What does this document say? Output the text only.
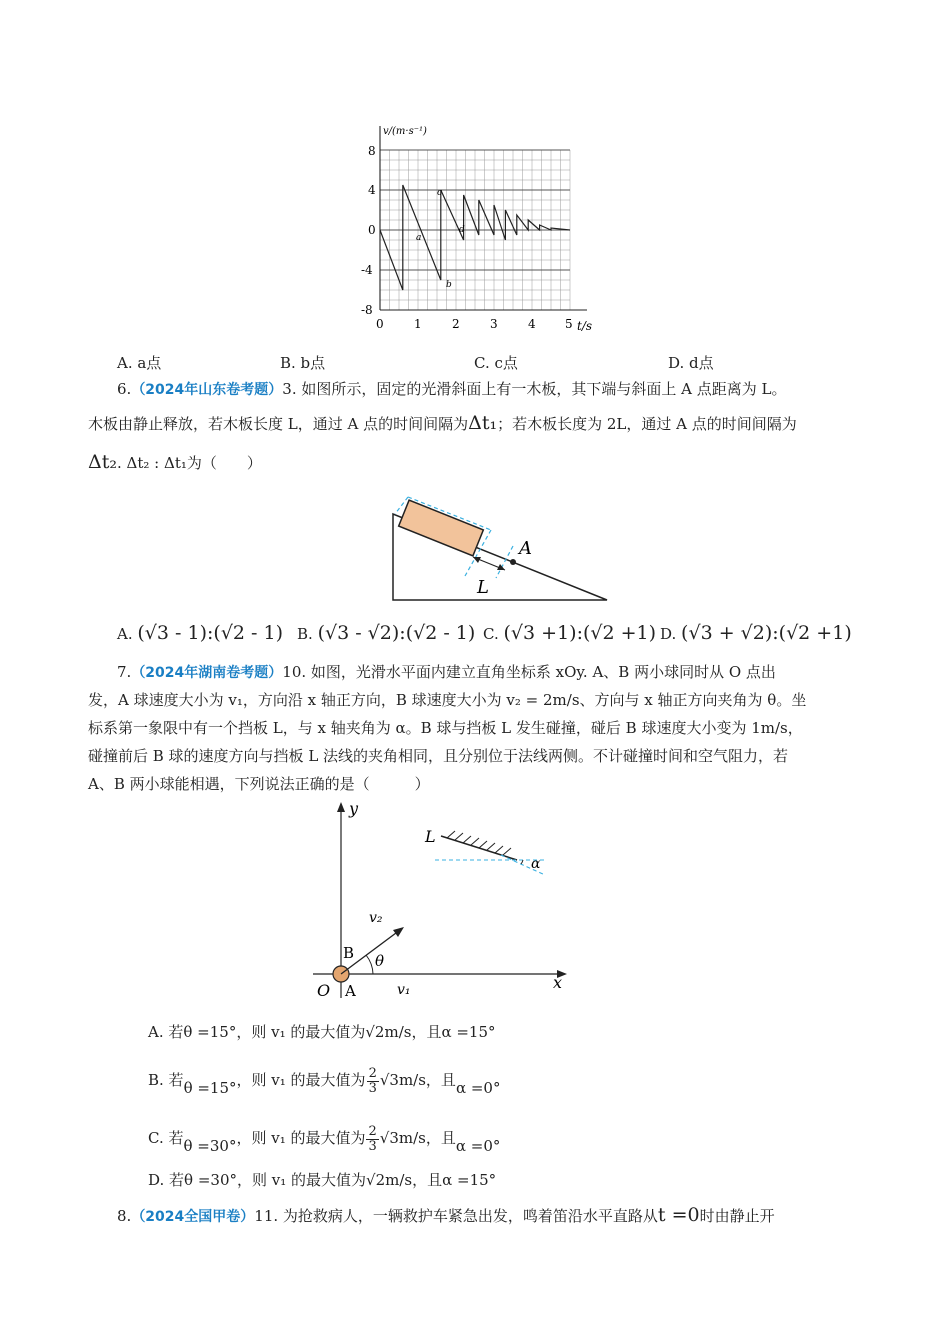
v/(m·s⁻¹)
t/s
0	1	2	3	4 5
8
4
0
-4
-8
a
b
c
d
A. a点	B. b点	C. c点	D. d点
6.（2024年山东卷考题）3. 如图所示，固定的光滑斜面上有一木板，其下端与斜面上 A 点距离为 L。
木板由静止释放，若木板长度 L，通过 A 点的时间间隔为Δt₁；若木板长度为 2L，通过 A 点的时间间隔为
Δt₂. Δt₂ : Δt₁为（　　）
A
L
A. (√3 - 1):(√2 - 1) B. (√3 - √2):(√2 - 1) C. (√3 +1):(√2 +1) D. (√3 + √2):(√2 +1)
7.（2024年湖南卷考题）10. 如图，光滑水平面内建立直角坐标系 xOy. A、B 两小球同时从 O 点出
发，A 球速度大小为 v₁，方向沿 x 轴正方向，B 球速度大小为 v₂ = 2m/s、方向与 x 轴正方向夹角为 θ。坐
标系第一象限中有一个挡板 L，与 x 轴夹角为 α。B 球与挡板 L 发生碰撞，碰后 B 球速度大小变为 1m/s，
碰撞前后 B 球的速度方向与挡板 L 法线的夹角相同，且分别位于法线两侧。不计碰撞时间和空气阻力，若
A、B 两小球能相遇，下列说法正确的是（　　　）
y
x
O A
B θ
v₂
v₁
L
α
A. 若θ =15°，则 v₁ 的最大值为√2m/s，且α =15°
B. 若θ =15°，则 v₁ 的最大值为 $\frac{2}{3} √3m/s$，且α =0°
C. 若θ =30°，则 v₁ 的最大值为 $\frac{2}{3} √3m/s$，且α =0°
D. 若θ =30°，则 v₁ 的最大值为√2m/s，且α =15°
8.（2024全国甲卷）11. 为抢救病人，一辆救护车紧急出发，鸣着笛沿水平直路从t =0时由静止开
